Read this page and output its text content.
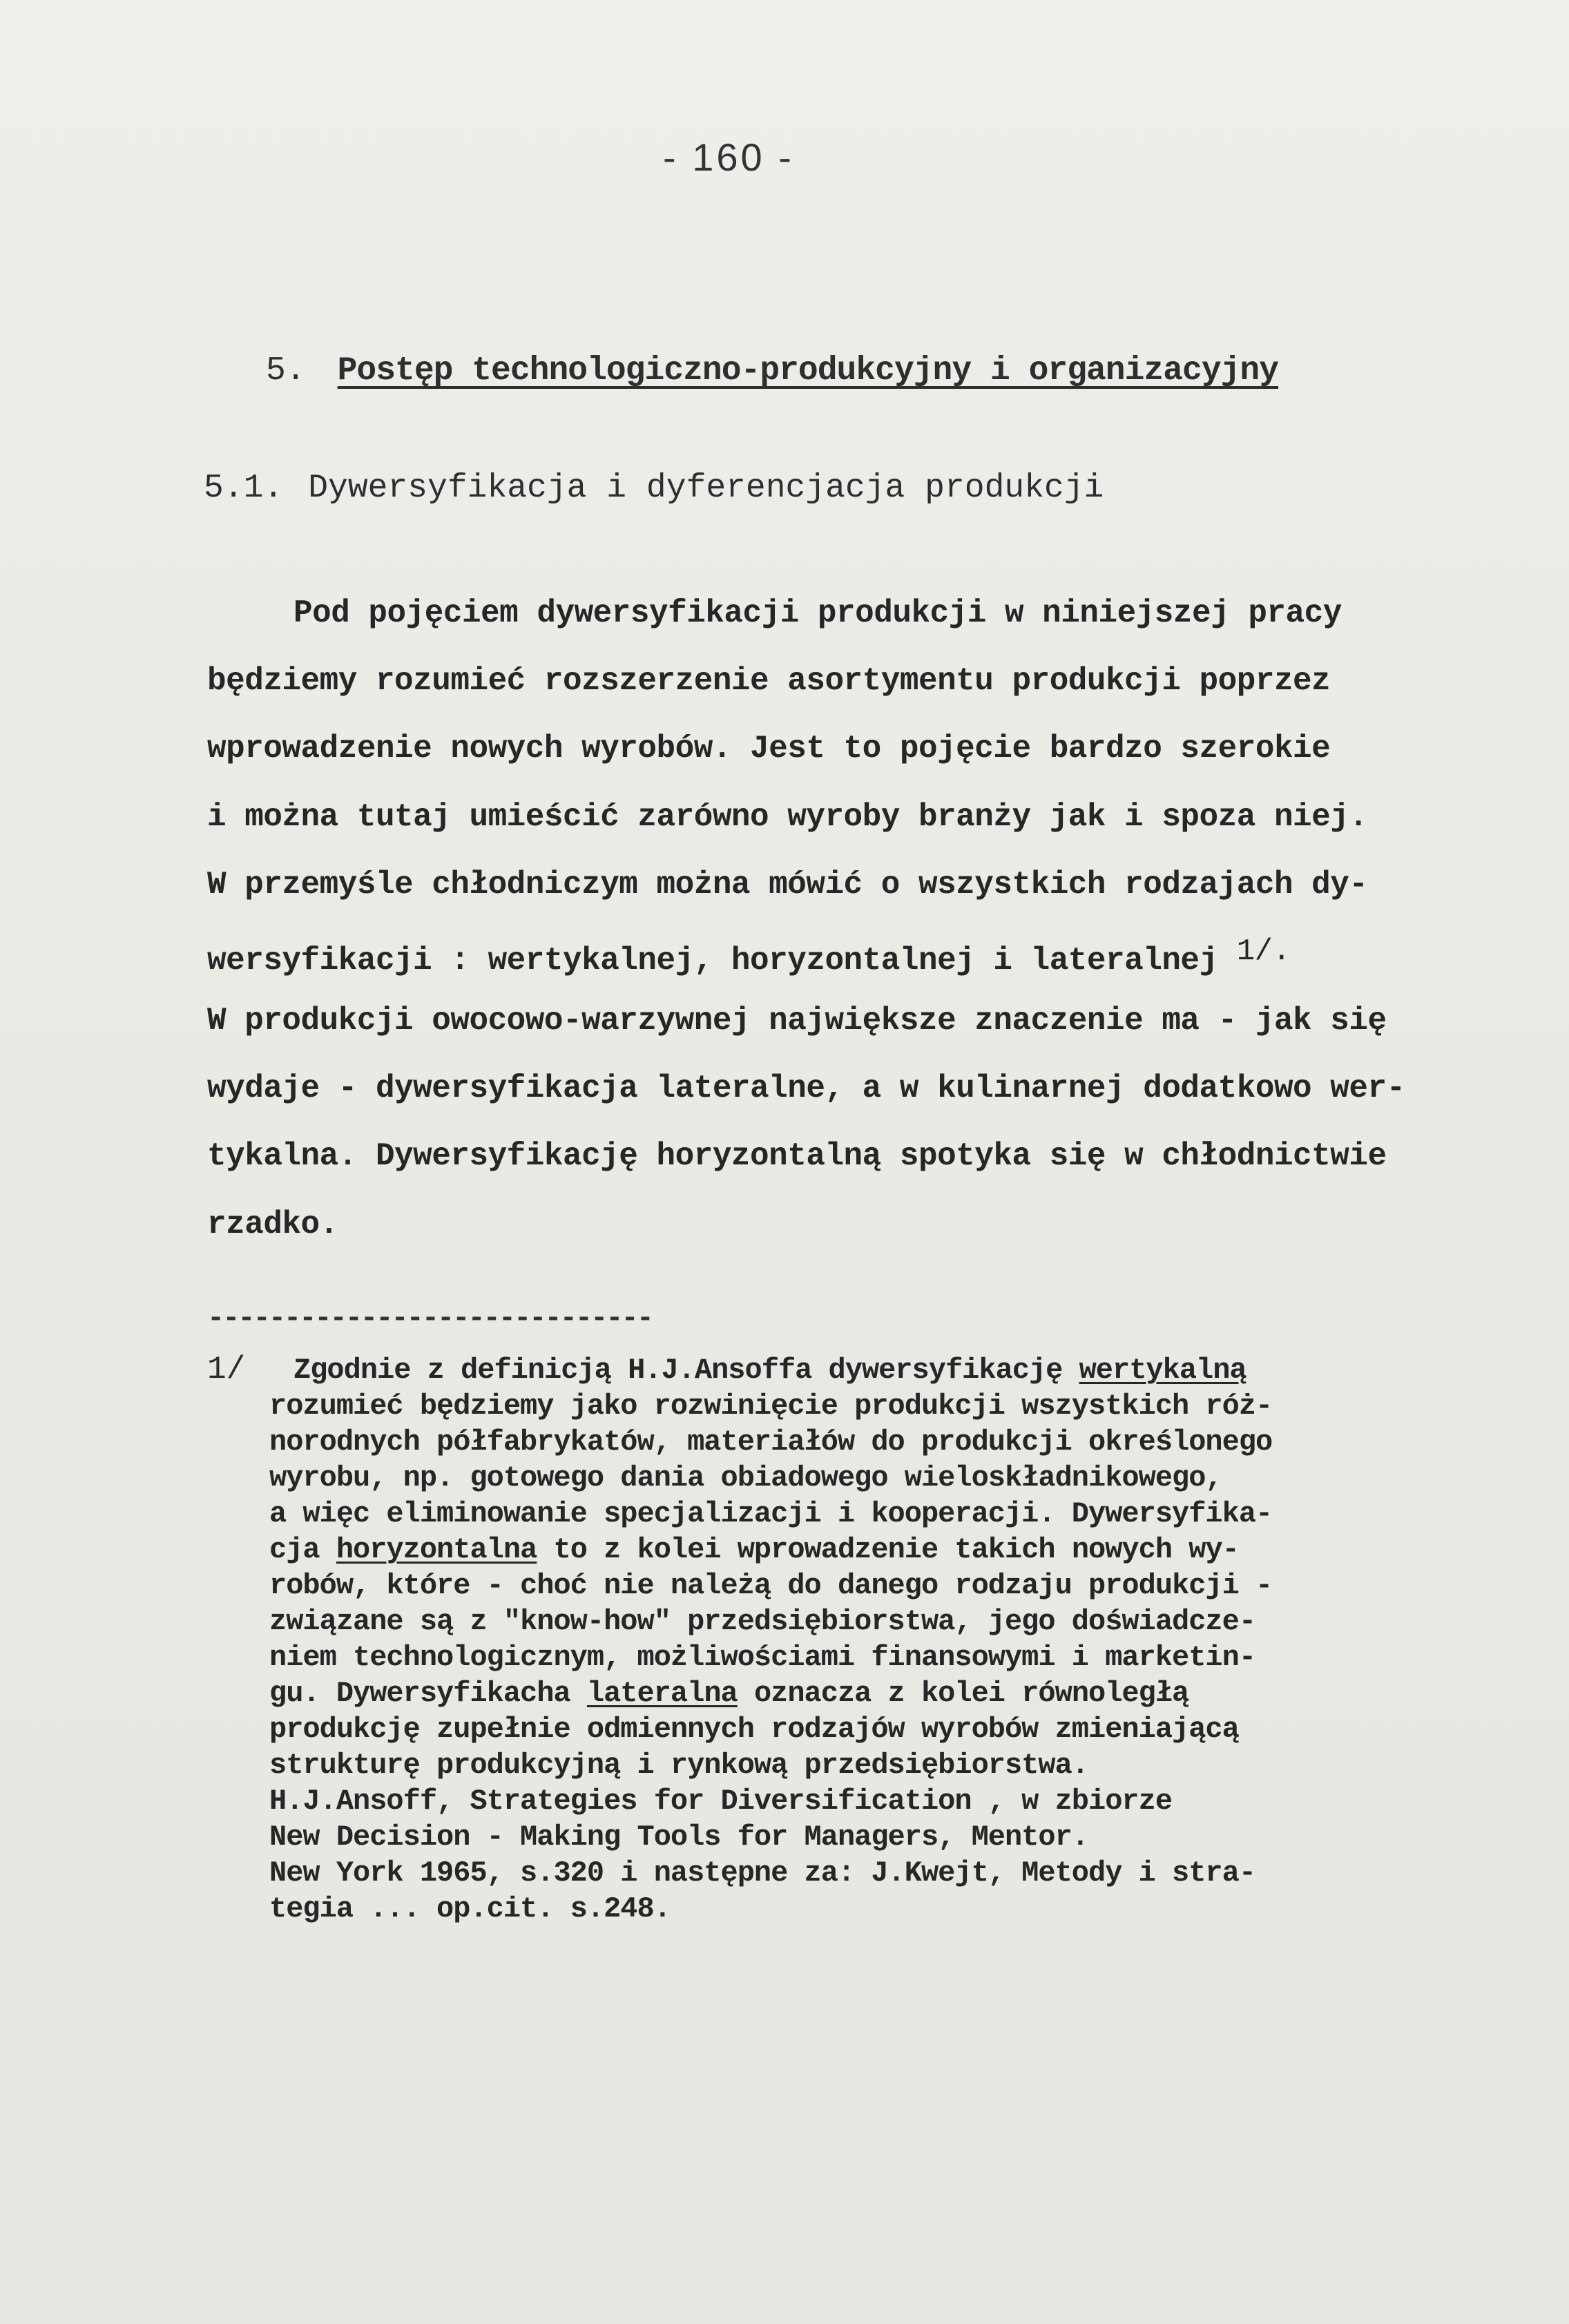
- 160 -
5. Postęp technologiczno-produkcyjny i organizacyjny
5.1. Dywersyfikacja i dyferencjacja produkcji
Pod pojęciem dywersyfikacji produkcji w niniejszej pracy
będziemy rozumieć rozszerzenie asortymentu produkcji poprzez
wprowadzenie nowych wyrobów. Jest to pojęcie bardzo szerokie
i można tutaj umieścić zarówno wyroby branży jak i spoza niej.
W przemyśle chłodniczym można mówić o wszystkich rodzajach dy-
wersyfikacji : wertykalnej, horyzontalnej i lateralnej 1/.
W produkcji owocowo-warzywnej największe znaczenie ma - jak się
wydaje - dywersyfikacja lateralne, a w kulinarnej dodatkowo wer-
tykalna. Dywersyfikację horyzontalną spotyka się w chłodnictwie
rzadko.
-----------------------------
1/ Zgodnie z definicją H.J.Ansoffa dywersyfikację wertykalną
rozumieć będziemy jako rozwinięcie produkcji wszystkich róż-
norodnych półfabrykatów, materiałów do produkcji określonego
wyrobu, np. gotowego dania obiadowego wieloskładnikowego,
a więc eliminowanie specjalizacji i kooperacji. Dywersyfika-
cja horyzontalna to z kolei wprowadzenie takich nowych wy-
robów, które - choć nie należą do danego rodzaju produkcji -
związane są z "know-how" przedsiębiorstwa, jego doświadcze-
niem technologicznym, możliwościami finansowymi i marketin-
gu. Dywersyfikacha lateralna oznacza z kolei równoległą
produkcję zupełnie odmiennych rodzajów wyrobów zmieniającą
strukturę produkcyjną i rynkową przedsiębiorstwa.
H.J.Ansoff, Strategies for Diversification , w zbiorze
New Decision - Making Tools for Managers, Mentor.
New York 1965, s.320 i następne za: J.Kwejt, Metody i stra-
tegia ... op.cit. s.248.
